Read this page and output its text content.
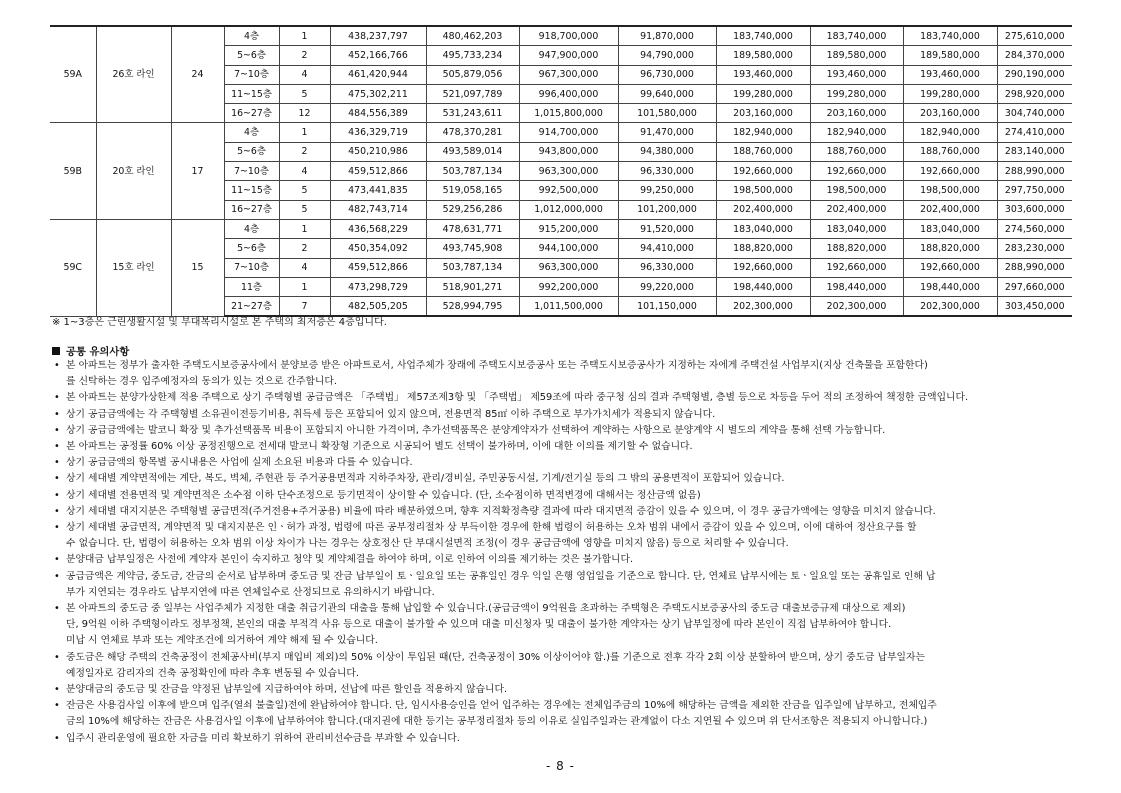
59A	26호 라인	24	4층	1	438,237,797	480,462,203	918,700,000	91,870,000	183,740,000	183,740,000	183,740,000	275,610,000
			5~6층	2	452,166,766	495,733,234	947,900,000	94,790,000	189,580,000	189,580,000	189,580,000	284,370,000
			7~10층	4	461,420,944	505,879,056	967,300,000	96,730,000	193,460,000	193,460,000	193,460,000	290,190,000
			11~15층	5	475,302,211	521,097,789	996,400,000	99,640,000	199,280,000	199,280,000	199,280,000	298,920,000
			16~27층	12	484,556,389	531,243,611	1,015,800,000	101,580,000	203,160,000	203,160,000	203,160,000	304,740,000
59B	20호 라인	17	4층	1	436,329,719	478,370,281	914,700,000	91,470,000	182,940,000	182,940,000	182,940,000	274,410,000
			5~6층	2	450,210,986	493,589,014	943,800,000	94,380,000	188,760,000	188,760,000	188,760,000	283,140,000
			7~10층	4	459,512,866	503,787,134	963,300,000	96,330,000	192,660,000	192,660,000	192,660,000	288,990,000
			11~15층	5	473,441,835	519,058,165	992,500,000	99,250,000	198,500,000	198,500,000	198,500,000	297,750,000
			16~27층	5	482,743,714	529,256,286	1,012,000,000	101,200,000	202,400,000	202,400,000	202,400,000	303,600,000
59C	15호 라인	15	4층	1	436,568,229	478,631,771	915,200,000	91,520,000	183,040,000	183,040,000	183,040,000	274,560,000
			5~6층	2	450,354,092	493,745,908	944,100,000	94,410,000	188,820,000	188,820,000	188,820,000	283,230,000
			7~10층	4	459,512,866	503,787,134	963,300,000	96,330,000	192,660,000	192,660,000	192,660,000	288,990,000
			11층	1	473,298,729	518,901,271	992,200,000	99,220,000	198,440,000	198,440,000	198,440,000	297,660,000
			21~27층	7	482,505,205	528,994,795	1,011,500,000	101,150,000	202,300,000	202,300,000	202,300,000	303,450,000
※ 1~3층은 근린생활시설 및 부대복리시설로 본 주택의 최저층은 4층입니다.
공통 유의사항
• 본 아파트는 정부가 출자한 주택도시보증공사에서 분양보증 받은 아파트로서, 사업주체가 장래에 주택도시보증공사 또는 주택도시보증공사가 지정하는 자에게 주택건설 사업부지(지상 건축물을 포함한다)
를 신탁하는 경우 입주예정자의 동의가 있는 것으로 간주합니다.
• 본 아파트는 분양가상한제 적용 주택으로 상기 주택형별 공급금액은 「주택법」 제57조제3항 및 「주택법」 제59조에 따라 중구청 심의 결과 주택형별, 층별 등으로 차등을 두어 적의 조정하여 책정한 금액입니다.
• 상기 공급금액에는 각 주택형별 소유권이전등기비용, 취득세 등은 포함되어 있지 않으며, 전용면적 85㎡ 이하 주택으로 부가가치세가 적용되지 않습니다.
• 상기 공급금액에는 발코니 확장 및 추가선택품목 비용이 포함되지 아니한 가격이며, 추가선택품목은 분양계약자가 선택하여 계약하는 사항으로 분양계약 시 별도의 계약을 통해 선택 가능합니다.
• 본 아파트는 공정률 60% 이상 공정진행으로 전세대 발코니 확장형 기준으로 시공되어 별도 선택이 불가하며, 이에 대한 이의를 제기할 수 없습니다.
• 상기 공급금액의 항목별 공시내용은 사업에 실제 소요된 비용과 다를 수 있습니다.
• 상기 세대별 계약면적에는 계단, 복도, 벽체, 주현관 등 주거공용면적과 지하주차장, 관리/경비실, 주민공동시설, 기계/전기실 등의 그 밖의 공용면적이 포함되어 있습니다.
• 상기 세대별 전용면적 및 계약면적은 소수점 이하 단수조정으로 등기면적이 상이할 수 있습니다. (단, 소수점이하 면적변경에 대해서는 정산금액 없음)
• 상기 세대별 대지지분은 주택형별 공급면적(주거전용+주거공용) 비율에 따라 배분하였으며, 향후 지적확정측량 결과에 따라 대지면적 증감이 있을 수 있으며, 이 경우 공급가액에는 영향을 미치지 않습니다.
• 상기 세대별 공급면적, 계약면적 및 대지지분은 인ㆍ허가 과정, 법령에 따른 공부정리절차 상 부득이한 경우에 한해 법령이 허용하는 오차 범위 내에서 증감이 있을 수 있으며, 이에 대하여 정산요구를 할
수 없습니다. 단, 법령이 허용하는 오차 범위 이상 차이가 나는 경우는 상호정산 단 부대시설면적 조정(이 경우 공급금액에 영향을 미치지 않음) 등으로 처리할 수 있습니다.
• 분양대금 납부일정은 사전에 계약자 본인이 숙지하고 청약 및 계약체결을 하여야 하며, 이로 인하여 이의를 제기하는 것은 불가합니다.
• 공급금액은 계약금, 중도금, 잔금의 순서로 납부하며 중도금 및 잔금 납부일이 토ㆍ일요일 또는 공휴일인 경우 익일 은행 영업일을 기준으로 합니다. 단, 연체료 납부시에는 토ㆍ일요일 또는 공휴일로 인해 납
부가 지연되는 경우라도 납부지연에 따른 연체일수로 산정되므로 유의하시기 바랍니다.
• 본 아파트의 중도금 중 일부는 사업주체가 지정한 대출 취급기관의 대출을 통해 납입할 수 있습니다.(공급금액이 9억원을 초과하는 주택형은 주택도시보증공사의 중도금 대출보증규제 대상으로 제외)
단, 9억원 이하 주택형이라도 정부정책, 본인의 대출 부적격 사유 등으로 대출이 불가할 수 있으며 대출 미신청자 및 대출이 불가한 계약자는 상기 납부일정에 따라 본인이 직접 납부하여야 합니다.
미납 시 연체료 부과 또는 계약조건에 의거하여 계약 해제 될 수 있습니다.
• 중도금은 해당 주택의 건축공정이 전체공사비(부지 매입비 제외)의 50% 이상이 투입된 때(단, 건축공정이 30% 이상이어야 함.)를 기준으로 전후 각각 2회 이상 분할하여 받으며, 상기 중도금 납부일자는
예정일자로 감리자의 건축 공정확인에 따라 추후 변동될 수 있습니다.
• 분양대금의 중도금 및 잔금을 약정된 납부일에 지급하여야 하며, 선납에 따른 할인을 적용하지 않습니다.
• 잔금은 사용검사일 이후에 받으며 입주(열쇠 불출일)전에 완납하여야 합니다. 단, 임시사용승인을 얻어 입주하는 경우에는 전체입주금의 10%에 해당하는 금액을 제외한 잔금을 입주일에 납부하고, 전체입주
금의 10%에 해당하는 잔금은 사용검사일 이후에 납부하여야 합니다.(대지권에 대한 등기는 공부정리절차 등의 이유로 실입주일과는 관계없이 다소 지연될 수 있으며 위 단서조항은 적용되지 아니합니다.)
• 입주시 관리운영에 필요한 자금을 미리 확보하기 위하여 관리비선수금을 부과할 수 있습니다.
- 8 -
